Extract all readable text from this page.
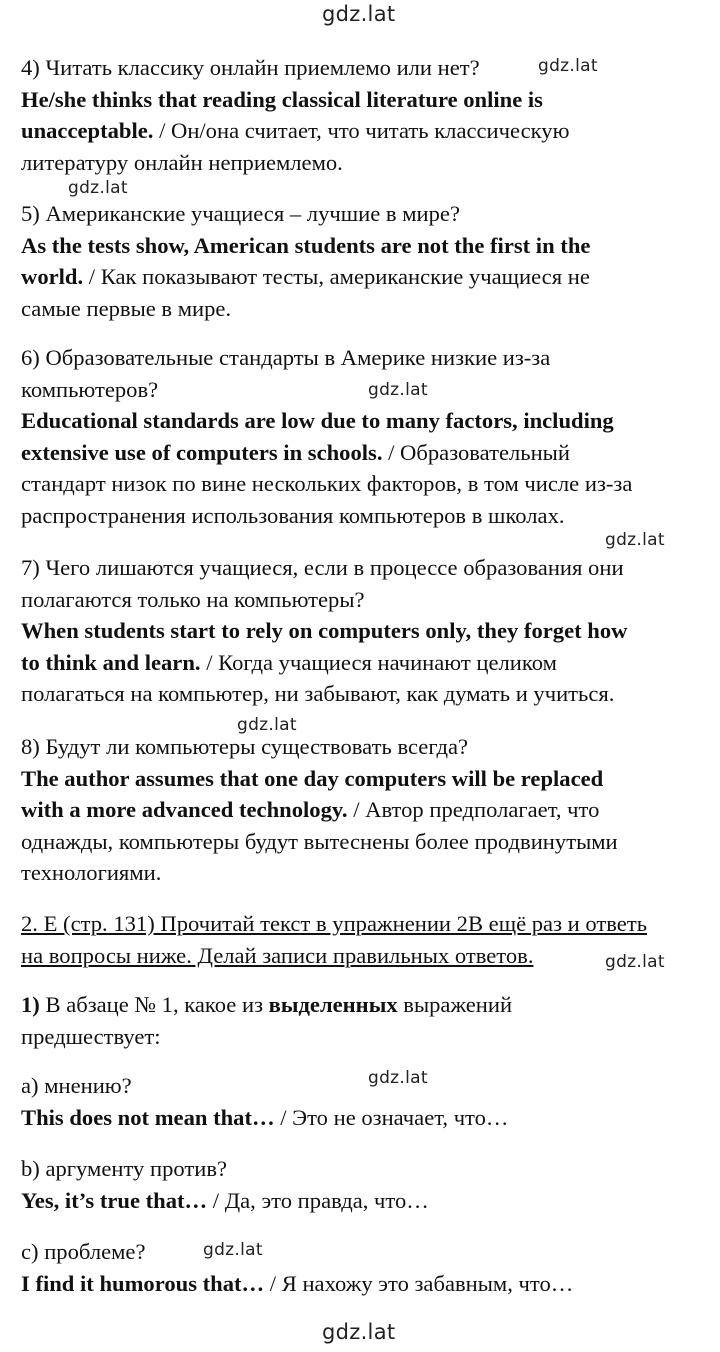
gdz.lat
gdz.lat
gdz.lat
gdz.lat
gdz.lat
gdz.lat
gdz.lat
gdz.lat
gdz.lat
gdz.lat

4) Читать классику онлайн приемлемо или нет?

He/she thinks that reading classical literature online is

unacceptable. / Он/она считает, что читать классическую

литературу онлайн неприемлемо.

5) Американские учащиеся – лучшие в мире?

As the tests show, American students are not the first in the

world. / Как показывают тесты, американские учащиеся не

самые первые в мире.

6) Образовательные стандарты в Америке низкие из-за

компьютеров?

Educational standards are low due to many factors, including

extensive use of computers in schools. / Образовательный

стандарт низок по вине нескольких факторов, в том числе из-за

распространения использования компьютеров в школах.

7) Чего лишаются учащиеся, если в процессе образования они

полагаются только на компьютеры?

When students start to rely on computers only, they forget how

to think and learn. / Когда учащиеся начинают целиком

полагаться на компьютер, ни забывают, как думать и учиться.

8) Будут ли компьютеры существовать всегда?

The author assumes that one day computers will be replaced

with a more advanced technology. / Автор предполагает, что

однажды, компьютеры будут вытеснены более продвинутыми

технологиями.

2. E (стр. 131) Прочитай текст в упражнении 2B ещё раз и ответь

на вопросы ниже. Делай записи правильных ответов.

1) В абзаце № 1, какое из выделенных выражений

предшествует:

a) мнению?

This does not mean that… / Это не означает, что…

b) аргументу против?

Yes, it’s true that… / Да, это правда, что…

c) проблеме?

I find it humorous that… / Я нахожу это забавным, что…
